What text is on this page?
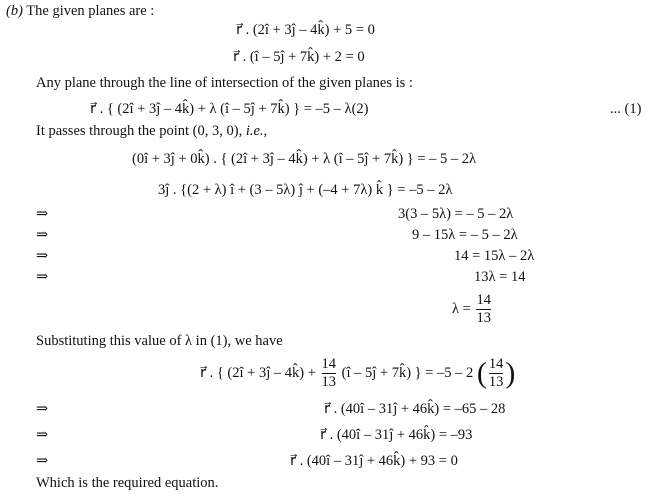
(b) The given planes are :
r⃗ . (2î + 3ĵ – 4k̂) + 5 = 0
r⃗ . (î – 5ĵ + 7k̂) + 2 = 0
Any plane through the line of intersection of the given planes is :
r⃗ . { (2î + 3ĵ – 4k̂) + λ (î – 5ĵ + 7k̂) } = –5 – λ(2)	... (1)
It passes through the point (0, 3, 0), i.e.,
(0î + 3ĵ + 0k̂) . { (2î + 3ĵ – 4k̂) + λ (î – 5ĵ + 7k̂) } = – 5 – 2λ
3ĵ . {(2 + λ) î + (3 – 5λ) ĵ + (–4 + 7λ) k̂ } = –5 – 2λ
⇒	3(3 – 5λ) = – 5 – 2λ
⇒	9 – 15λ = – 5 – 2λ
⇒	14 = 15λ – 2λ
⇒	13λ = 14
$\lambda = \frac{14}{13}$
Substituting this value of λ in (1), we have
r⃗ . { (2î + 3ĵ – 4k̂) + $\frac{14}{13}$ (î – 5ĵ + 7k̂) } = –5 – 2 ( $\frac{14}{13}$ )
⇒	r⃗ . (40î – 31ĵ + 46k̂) = –65 – 28
⇒	r⃗ . (40î – 31ĵ + 46k̂) = –93
⇒	r⃗ . (40î – 31ĵ + 46k̂) + 93 = 0
Which is the required equation.
